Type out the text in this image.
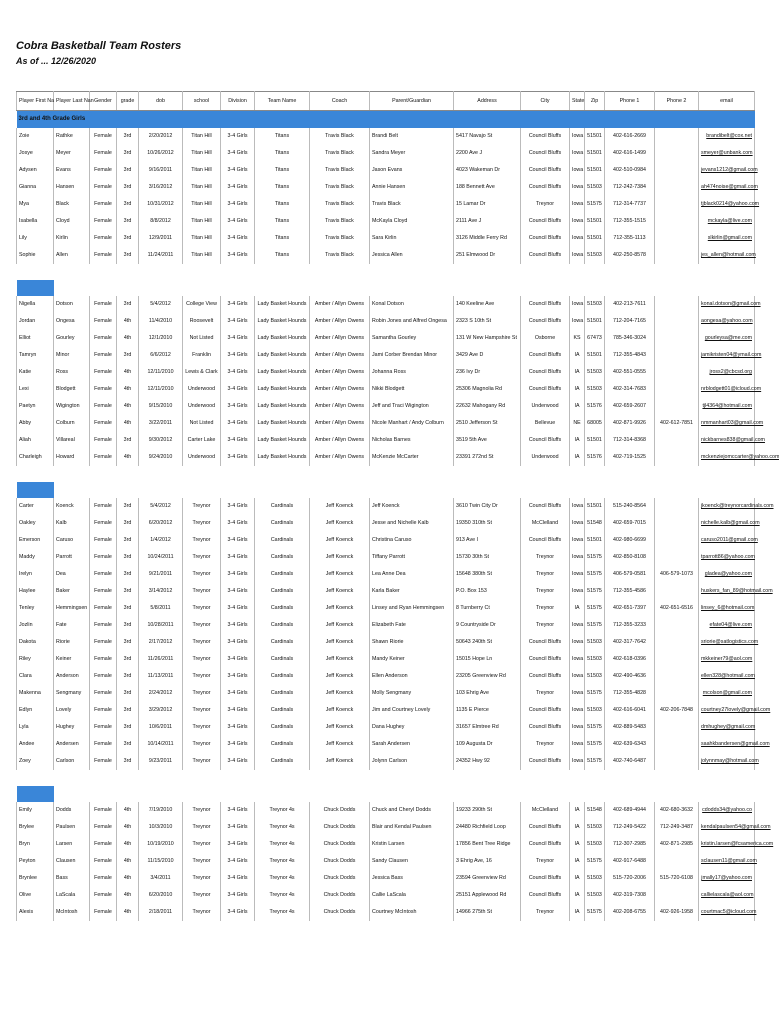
Cobra Basketball Team Rosters
As of ... 12/26/2020
Player First Na	Player Last Nan	Gender	grade	dob	school	Division	Team Name	Coach	Parent/Guardian	Address	City	State	Zip	Phone 1	Phone 2	email
3rd and 4th Grade Girls																
Zoie	Rathke	Female	3rd	2/20/2012	Titan Hill	3-4 Girls	Titans	Travis Black	Brandi Belt	5417 Navajo St	Council Bluffs	Iowa	51501	402-616-2669		brandibelt@cox.net
Josye	Meyer	Female	3rd	10/26/2012	Titan Hill	3-4 Girls	Titans	Travis Black	Sandra Meyer	2200 Ave J	Council Bluffs	Iowa	51501	402-616-1499		smeyer@unbank.com
Adysen	Evans	Female	3rd	9/16/2011	Titan Hill	3-4 Girls	Titans	Travis Black	Jason Evans	4023 Wakeman Dr	Council Bluffs	Iowa	51501	402-510-0984		jevans1212@gmail.com
Gianna	Hansen	Female	3rd	3/16/2012	Titan Hill	3-4 Girls	Titans	Travis Black	Annie Hansen	188 Bennett Ave	Council Bluffs	Iowa	51503	712-242-7384		ah474noise@gmail.com
Mya	Black	Female	3rd	10/31/2012	Titan Hill	3-4 Girls	Titans	Travis Black	Travis Black	15 Lamar Dr	Treynor	Iowa	51575	712-314-7737		tjblack0214@yahoo.com
Isabella	Cloyd	Female	3rd	8/8/2012	Titan Hill	3-4 Girls	Titans	Travis Black	McKayla Cloyd	2111 Ave J	Council Bluffs	Iowa	51501	712-355-1515		mckayla@live.com
Lily	Kirlin	Female	3rd	12/9/2011	Titan Hill	3-4 Girls	Titans	Travis Black	Sara Kirlin	3126 Middle Ferry Rd	Council Bluffs	Iowa	51501	712-355-1113		slkirlin@gmail.com
Sophie	Allen	Female	3rd	11/24/2011	Titan Hill	3-4 Girls	Titans	Travis Black	Jessica Allen	251 Elmwood Dr	Council Bluffs	Iowa	51503	402-250-8578		jes_allen@hotmail.com

Nigella	Dotson	Female	3rd	5/4/2012	College View	3-4 Girls	Lady Basket Hounds	Amber / Allyn Owens	Konal Dotson	140 Keeline Ave	Council Bluffs	Iowa	51503	402-213-7611		konal.dotson@gmail.com
Jordan	Ongesa	Female	4th	11/4/2010	Roosevelt	3-4 Girls	Lady Basket Hounds	Amber / Allyn Owens	Robin Jones and Alfred Ongesa	2323 S 10th St	Council Bluffs	Iowa	51501	712-204-7165		aongesa@yahoo.com
Elliot	Gourley	Female	4th	12/1/2010	Not Listed	3-4 Girls	Lady Basket Hounds	Amber / Allyn Owens	Samantha Gourley	131 W New Hampshire St	Osborne	KS	67473	785-346-3024		gourleysa@me.com
Tamryn	Minor	Female	3rd	6/6/2012	Franklin	3-4 Girls	Lady Basket Hounds	Amber / Allyn Owens	Jami Corber Brendan Minor	3429 Ave D	Council Bluffs	IA	51501	712-355-4843		jamikristen04@ymail.com
Katie	Ross	Female	4th	12/11/2010	Lewis & Clark	3-4 Girls	Lady Basket Hounds	Amber / Allyn Owens	Johanna Ross	236 Ivy Dr	Council Bluffs	IA	51503	402-551-0555		jross2@cbcsd.org
Lexi	Blodgett	Female	4th	12/11/2010	Underwood	3-4 Girls	Lady Basket Hounds	Amber / Allyn Owens	Nikki Blodgett	25306 Magnolia Rd	Council Bluffs	IA	51503	402-314-7683		nrblodgett01@icloud.com
Paetyn	Wigington	Female	4th	9/15/2010	Underwood	3-4 Girls	Lady Basket Hounds	Amber / Allyn Owens	Jeff and Traci Wigington	22632 Mahogany Rd	Underwood	IA	51576	402-659-2607		tjl4364@hotmail.com
Abby	Colburn	Female	4th	3/22/2011	Not Listed	3-4 Girls	Lady Basket Hounds	Amber / Allyn Owens	Nicole Manhart / Andy Colburn	2510 Jefferson St	Bellevue	NE	68005	402-871-9926	402-612-7851	nmmanhart03@gmail.com
Aliah	Villareal	Female	3rd	9/30/2012	Carter Lake	3-4 Girls	Lady Basket Hounds	Amber / Allyn Owens	Nicholas Barnes	3519 5th Ave	Council Bluffs	IA	51501	712-314-8368		nickbarnes838@gmail.com
Charleigh	Howard	Female	4th	9/24/2010	Underwood	3-4 Girls	Lady Basket Hounds	Amber / Allyn Owens	McKenzie McCarter	23391 272nd St	Underwood	IA	51576	402-719-1525		mckenziejomccarter@yahoo.com

Carter	Koenck	Female	3rd	5/4/2012	Treynor	3-4 Girls	Cardinals	Jeff Koenck	Jeff Koenck	3610 Twin City Dr	Council Bluffs	Iowa	51501	515-240-8564		jkoenck@treynorcardinals.com
Oakley	Kalb	Female	3rd	6/20/2012	Treynor	3-4 Girls	Cardinals	Jeff Koenck	Jesse and Nichelle Kalb	19350 310th St	McClelland	Iowa	51548	402-659-7015		nichelle.kalb@gmail.com
Emerson	Caruso	Female	3rd	1/4/2012	Treynor	3-4 Girls	Cardinals	Jeff Koenck	Christina Caruso	913 Ave I	Council Bluffs	Iowa	51501	402-980-6699		caruso2011@gmail.com
Maddy	Parrott	Female	3rd	10/24/2011	Treynor	3-4 Girls	Cardinals	Jeff Koenck	Tiffany Parrott	15730 30th St	Treynor	Iowa	51575	402-850-8108		tparrott86@yahoo.com
Irelyn	Dea	Female	3rd	9/21/2011	Treynor	3-4 Girls	Cardinals	Jeff Koenck	Lea Anne Dea	15648 380th St	Treynor	Iowa	51575	406-579-0581	406-579-1073	gladea@yahoo.com
Haylee	Baker	Female	3rd	3/14/2012	Treynor	3-4 Girls	Cardinals	Jeff Koenck	Karla Baker	P.O. Box 153	Treynor	Iowa	51575	712-355-4586		huskers_fan_89@hotmail.com
Tenley	Hemmingsen	Female	3rd	5/8/2011	Treynor	3-4 Girls	Cardinals	Jeff Koenck	Linsey and Ryan Hemmingsen	8 Turnberry Ct	Treynor	IA	51575	402-651-7397	402-651-6516	linsey_6@hotmail.com
Jozlin	Fate	Female	3rd	10/28/2011	Treynor	3-4 Girls	Cardinals	Jeff Koenck	Elizabeth Fate	9 Countryside Dr	Treynor	Iowa	51575	712-355-3233		efate04@live.com
Dakota	Riorie	Female	3rd	2/17/2012	Treynor	3-4 Girls	Cardinals	Jeff Koenck	Shawn Riorie	50643 240th St	Council Bluffs	Iowa	51503	402-317-7642		sriorie@satlogistics.com
Riley	Keiner	Female	3rd	11/26/2011	Treynor	3-4 Girls	Cardinals	Jeff Koenck	Mandy Keiner	15015 Hope Ln	Council Bluffs	Iowa	51503	402-618-0396		mkkeiner79@aol.com
Clara	Anderson	Female	3rd	11/13/2011	Treynor	3-4 Girls	Cardinals	Jeff Koenck	Ellen Anderson	23205 Greenview Rd	Council Bluffs	Iowa	51503	402-490-4636		ellen328@hotmail.com
Makenna	Sengmany	Female	3rd	2/24/2012	Treynor	3-4 Girls	Cardinals	Jeff Koenck	Molly Sengmany	103 Ehrig Ave	Treynor	Iowa	51575	712-355-4828		mcolson@gmail.com
Edlyn	Lovely	Female	3rd	3/29/2012	Treynor	3-4 Girls	Cardinals	Jeff Koenck	Jim and Courtney Lovely	1135 E Pierce	Council Bluffs	Iowa	51503	402-616-6041	402-206-7848	courtney27lovely@gmail.com
Lyla	Hughey	Female	3rd	10/6/2011	Treynor	3-4 Girls	Cardinals	Jeff Koenck	Dana Hughey	31657 Elmtree Rd	Council Bluffs	Iowa	51575	402-889-5483		dmhughey@gmail.com
Andee	Andersen	Female	3rd	10/14/2011	Treynor	3-4 Girls	Cardinals	Jeff Koenck	Sarah Andersen	109 Augusta Dr	Treynor	Iowa	51575	402-639-6343		saahkbandersen@gmail.com
Zoey	Carlson	Female	3rd	9/23/2011	Treynor	3-4 Girls	Cardinals	Jeff Koenck	Jolynn Carlson	24352 Hwy 92	Council Bluffs	Iowa	51575	402-740-6487		jolynnmay@hotmail.com

Emily	Dodds	Female	4th	7/19/2010	Treynor	3-4 Girls	Treynor 4s	Chuck Dodds	Chuck and Cheryl Dodds	19233 290th St	McClelland	IA	51548	402-689-4944	402-680-3632	cdodds34@yahoo.co
Brylee	Paulsen	Female	4th	10/3/2010	Treynor	3-4 Girls	Treynor 4s	Chuck Dodds	Blair and Kendal Paulsen	24480 Richfield Loop	Council Bluffs	IA	51503	712-249-5422	712-249-3487	kendalpaulsen54@gmail.com
Bryn	Larsen	Female	4th	10/19/2010	Treynor	3-4 Girls	Treynor 4s	Chuck Dodds	Kristin Larsen	17856 Bent Tree Ridge	Council Bluffs	IA	51503	712-307-2985	402-871-2985	kristin.larsen@fcsamerica.com
Peyton	Clausen	Female	4th	11/15/2010	Treynor	3-4 Girls	Treynor 4s	Chuck Dodds	Sandy Clausen	3 Ehrig Ave, 16	Treynor	IA	51575	402-917-6488		sclausen11@gmail.com
Brynlee	Bass	Female	4th	3/4/2011	Treynor	3-4 Girls	Treynor 4s	Chuck Dodds	Jessica Bass	23594 Greenview Rd	Council Bluffs	IA	51503	515-720-2006	515-720-6108	jmally17@yahoo.com
Olive	LaScala	Female	4th	6/20/2010	Treynor	3-4 Girls	Treynor 4s	Chuck Dodds	Callie LaScala	25151 Applewood Rd	Council Bluffs	IA	51503	402-319-7308		callielascala@aol.com
Alexis	McIntosh	Female	4th	2/18/2011	Treynor	3-4 Girls	Treynor 4s	Chuck Dodds	Courtney McIntosh	14966 275th St	Treynor	IA	51575	402-208-6755	402-926-1958	courtmac5@icloud.com
